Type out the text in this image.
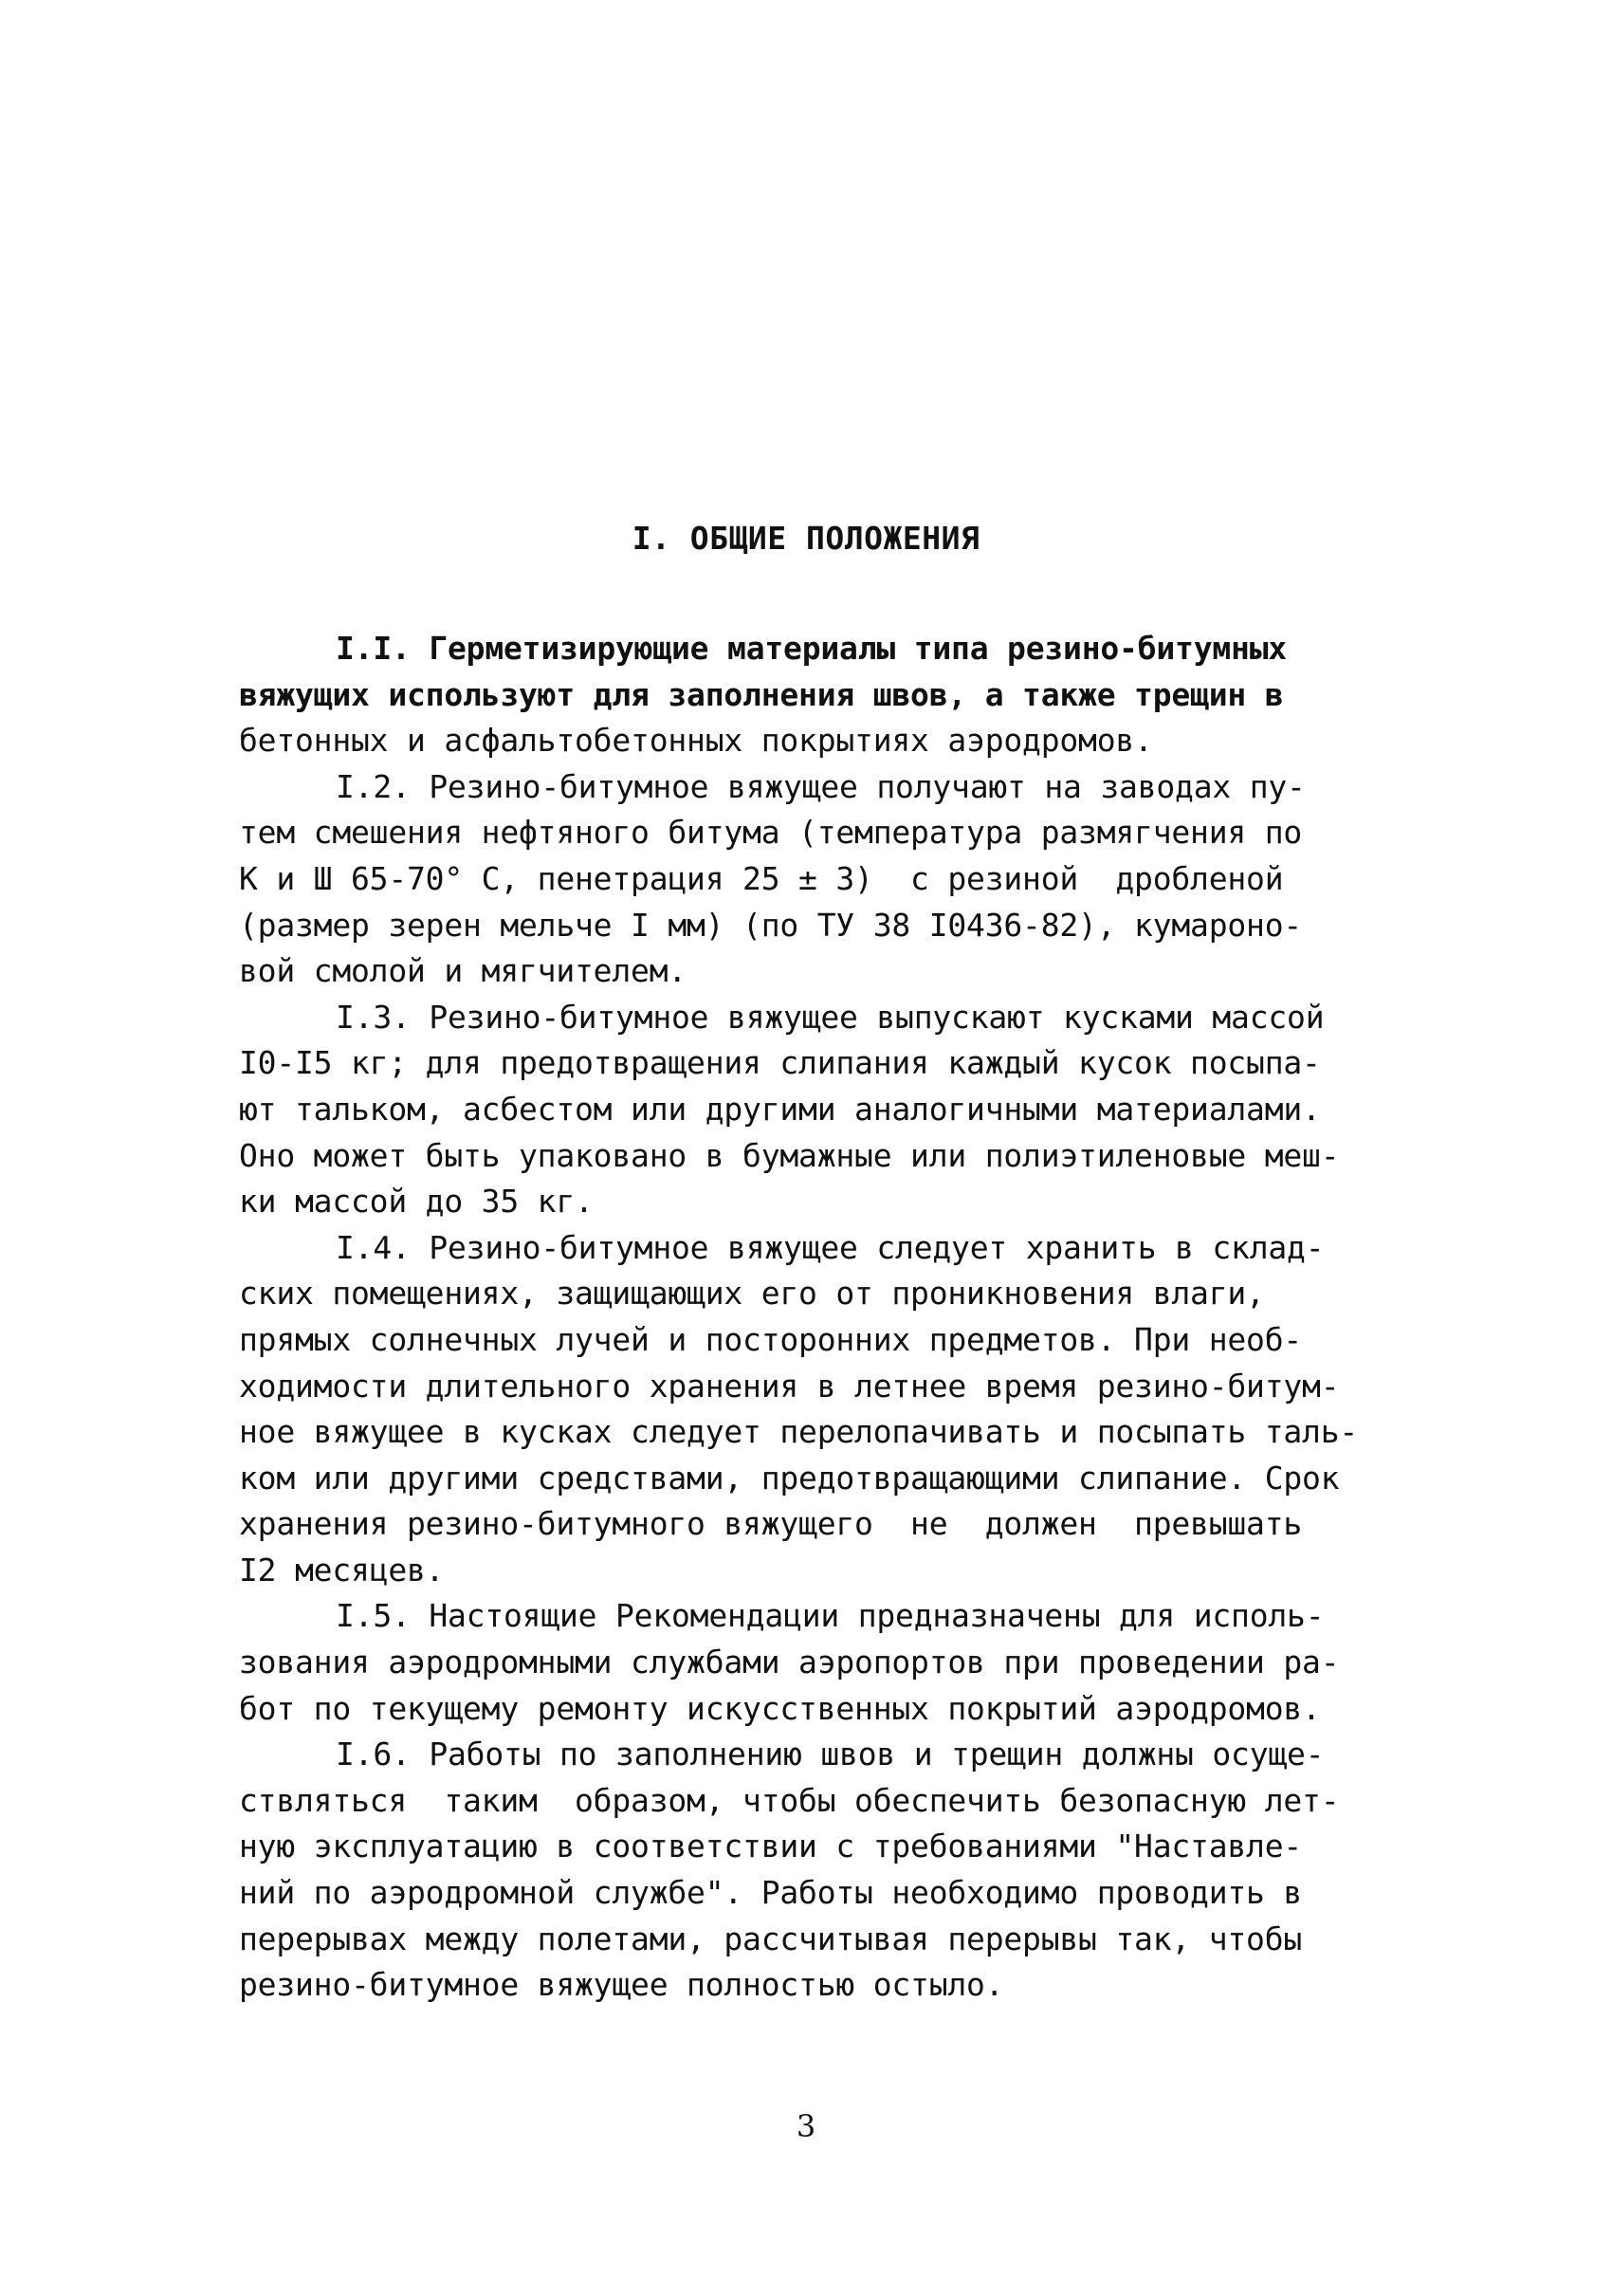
I. ОБЩИЕ ПОЛОЖЕНИЯ
I.I. Герметизирующие материалы типа резино-битумных
вяжущих используют для заполнения швов, а также трещин в
бетонных и асфальтобетонных покрытиях аэродромов.
I.2. Резино-битумное вяжущее получают на заводах пу-
тем смешения нефтяного битума (температура размягчения по
К и Ш 65-70° С, пенетрация 25 ± 3)  с резиной  дробленой
(размер зерен мельче I мм) (по ТУ 38 I0436-82), кумароно-
вой смолой и мягчителем.
I.3. Резино-битумное вяжущее выпускают кусками массой
I0-I5 кг; для предотвращения слипания каждый кусок посыпа-
ют тальком, асбестом или другими аналогичными материалами.
Оно может быть упаковано в бумажные или полиэтиленовые меш-
ки массой до 35 кг.
I.4. Резино-битумное вяжущее следует хранить в склад-
ских помещениях, защищающих его от проникновения влаги,
прямых солнечных лучей и посторонних предметов. При необ-
ходимости длительного хранения в летнее время резино-битум-
ное вяжущее в кусках следует перелопачивать и посыпать таль-
ком или другими средствами, предотвращающими слипание. Срок
хранения резино-битумного вяжущего  не  должен  превышать
I2 месяцев.
I.5. Настоящие Рекомендации предназначены для исполь-
зования аэродромными службами аэропортов при проведении ра-
бот по текущему ремонту искусственных покрытий аэродромов.
I.6. Работы по заполнению швов и трещин должны осуще-
ствляться  таким  образом, чтобы обеспечить безопасную лет-
ную эксплуатацию в соответствии с требованиями "Наставле-
ний по аэродромной службе". Работы необходимо проводить в
перерывах между полетами, рассчитывая перерывы так, чтобы
резино-битумное вяжущее полностью остыло.
3
